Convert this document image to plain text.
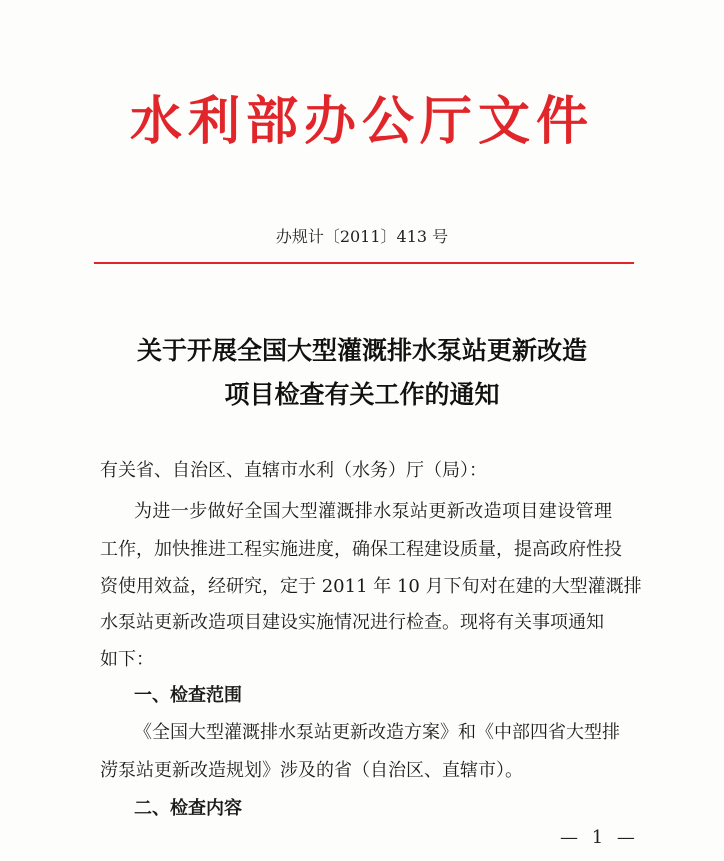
水利部办公厅文件
办规计〔2011〕413 号
关于开展全国大型灌溉排水泵站更新改造
项目检查有关工作的通知
有关省、自治区、直辖市水利（水务）厅（局）：
为进一步做好全国大型灌溉排水泵站更新改造项目建设管理
工作，加快推进工程实施进度，确保工程建设质量，提高政府性投
资使用效益，经研究，定于 2011 年 10 月下旬对在建的大型灌溉排
水泵站更新改造项目建设实施情况进行检查。现将有关事项通知
如下：
一、检查范围
《全国大型灌溉排水泵站更新改造方案》和《中部四省大型排
涝泵站更新改造规划》涉及的省（自治区、直辖市）。
二、检查内容
— 1 —
